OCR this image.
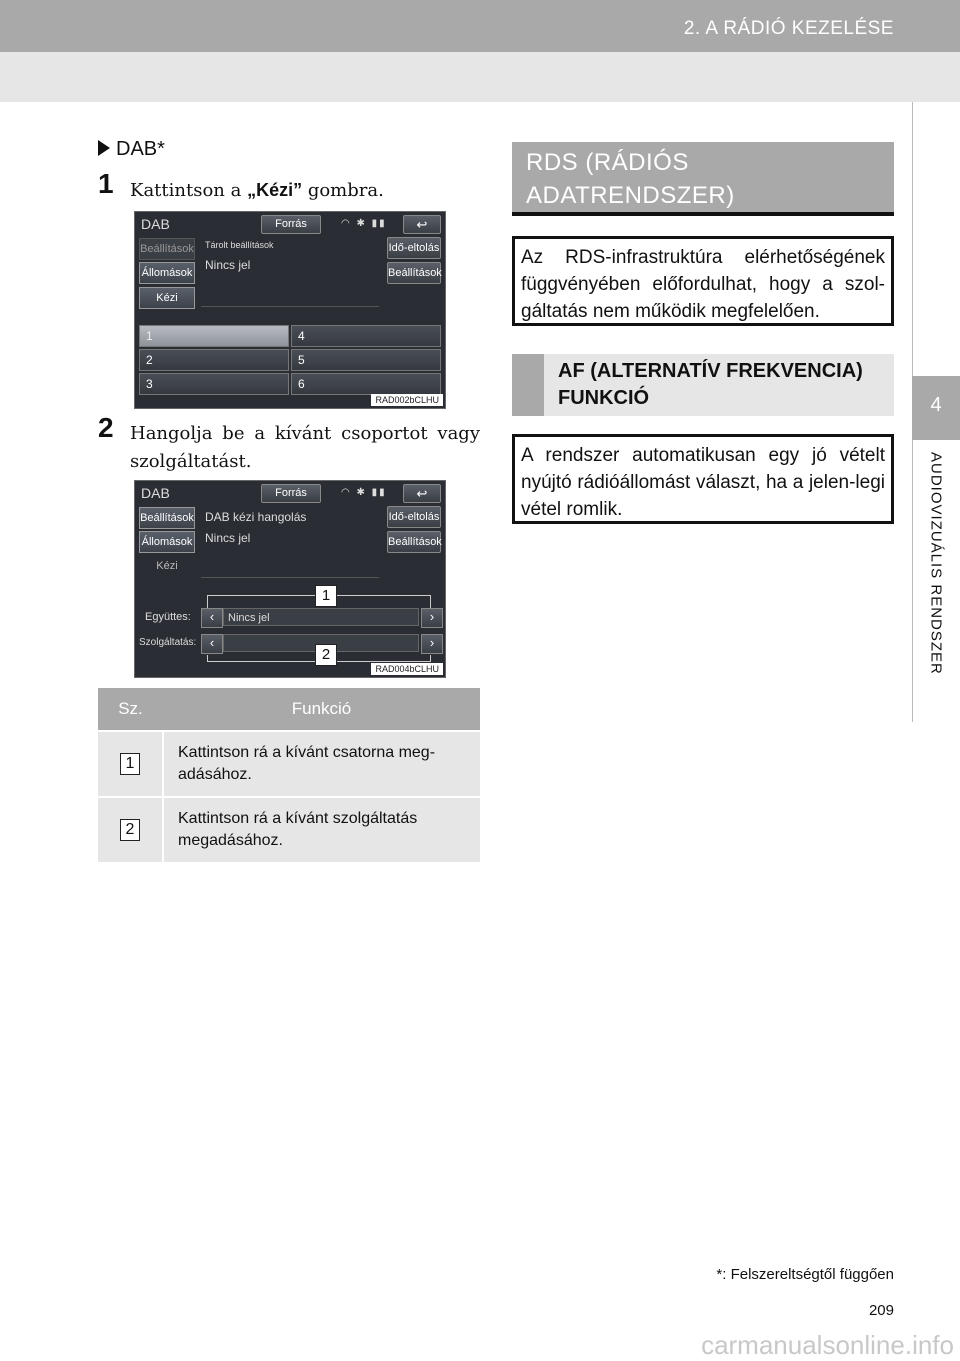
2. A RÁDIÓ KEZELÉSE
4
AUDIOVIZUÁLIS RENDSZER
DAB*
1 Kattintson a „Kézi” gombra.
DAB	Forrás	◠ ✱ ▮▮	↩
Beállítások
Állomások
Kézi
Tárolt beállítások
Nincs jel
Idő-eltolás
Beállítások
1
2
3
4
5
6
RAD002bCLHU
2 Hangolja be a kívánt csoportot vagy szolgáltatást.
DAB	Forrás	◠ ✱ ▮▮	↩
Beállítások
Állomások
Kézi
DAB kézi hangolás
Nincs jel
Idő-eltolás
Beállítások
1
Együttes:	‹	Nincs jel	›
Szolgáltatás:	‹	›
2
RAD004bCLHU
Sz.	Funkció
1	Kattintson rá a kívánt csatorna meg-adásához.
2	Kattintson rá a kívánt szolgáltatás megadásához.
RDS (RÁDIÓS ADATRENDSZER)
Az RDS-infrastruktúra elérhetőségének függvényében előfordulhat, hogy a szol-gáltatás nem működik megfelelően.
AF (ALTERNATÍV FREKVENCIA) FUNKCIÓ
A rendszer automatikusan egy jó vételt nyújtó rádióállomást választ, ha a jelen-legi vétel romlik.
*: Felszereltségtől függően
209
carmanualsonline.info
